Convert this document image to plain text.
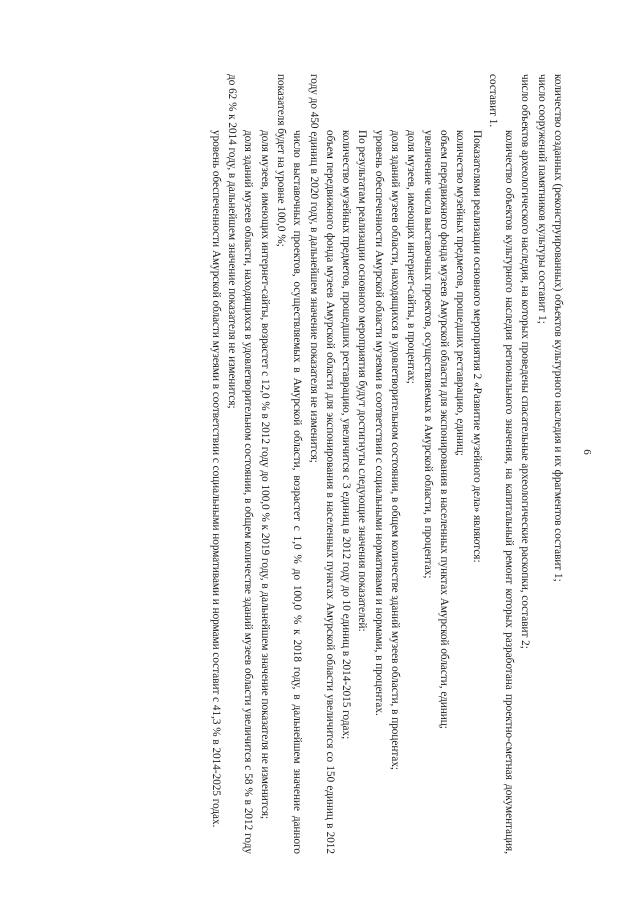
6

количество созданных (реконструированных) объектов культурного наследия и их фрагментов составит 1;

число сооружений памятников культуры составит 1;

число объектов археологического наследия, на которых проведены спасательные археологические раскопки, составит 2;

количество объектов культурного наследия регионального значения, на капитальный ремонт которых разработана проектно-сметная документация, составит 1.

Показателями реализации основного мероприятия 2 «Развитие музейного дела» являются:

количество музейных предметов, прошедших реставрацию, единиц;

объем передвижного фонда музеев Амурской области для экспонирования в населенных пунктах Амурской области, единиц;

увеличение числа выставочных проектов, осуществляемых в Амурской области, в процентах;

доля музеев, имеющих интернет-сайты, в процентах;

доля зданий музеев области, находящихся в удовлетворительном состоянии, в общем количестве зданий музеев области, в процентах;

уровень обеспеченности Амурской области музеями в соответствии с социальными нормативами и нормами, в процентах.

По результатам реализации основного мероприятия будут достигнуты следующие значения показателей:

количество музейных предметов, прошедших реставрацию, увеличится с 3 единиц в 2012 году до 10 единиц в 2014-2015 годах;

объем передвижного фонда музеев Амурской области для экспонирования в населенных пунктах Амурской области увеличится со 150 единиц в 2012 году до 450 единиц в 2020 году, в дальнейшем значение показателя не изменится;

число выставочных проектов, осуществляемых в Амурской области, возрастет с 1,0 % до 100,0 % к 2018 году, в дальнейшем значение данного показателя будет на уровне 100,0 %;

доля музеев, имеющих интернет-сайты, возрастет с 12,0 % в 2012 году до 100,0 % к 2019 году, в дальнейшем значение показателя не изменится;

доля зданий музеев области, находящихся в удовлетворительном состоянии, в общем количестве зданий музеев области увеличится с 58 % в 2012 году до 62 % к 2014 году, в дальнейшем значение показателя не изменится;

уровень обеспеченности Амурской области музеями в соответствии с социальными нормативами и нормами составит с 41,3 % в 2014-2025 годах.
